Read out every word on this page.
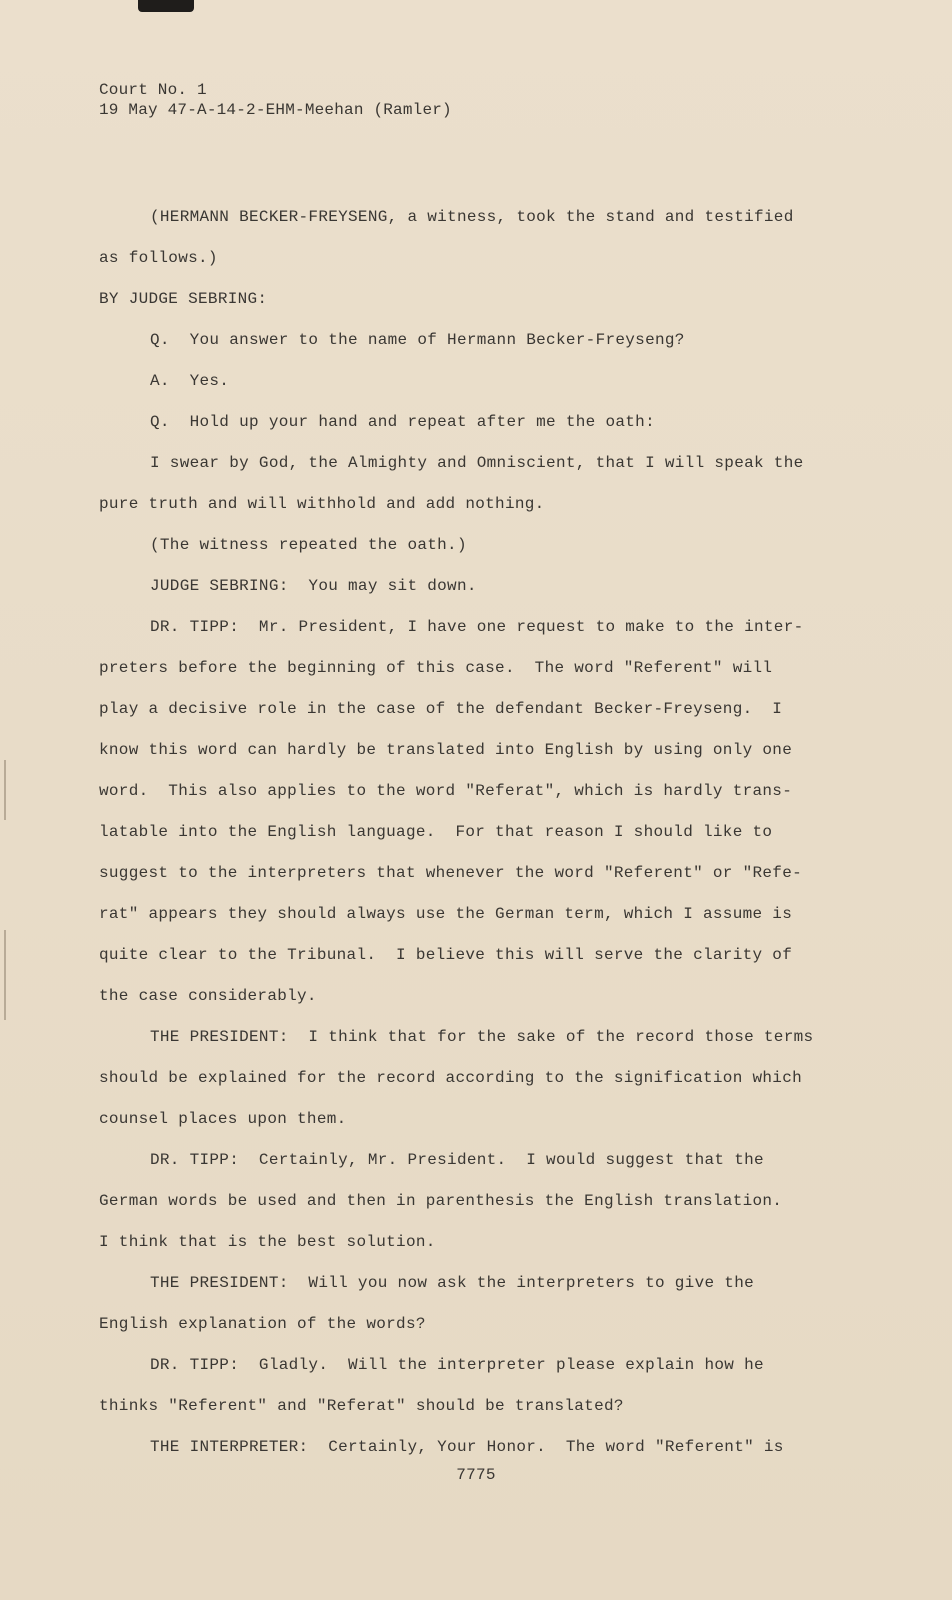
Court No. 1
19 May 47-A-14-2-EHM-Meehan (Ramler)
(HERMANN BECKER-FREYSENG, a witness, took the stand and testified
as follows.)
BY JUDGE SEBRING:
Q.  You answer to the name of Hermann Becker-Freyseng?
A.  Yes.
Q.  Hold up your hand and repeat after me the oath:
I swear by God, the Almighty and Omniscient, that I will speak the
pure truth and will withhold and add nothing.
(The witness repeated the oath.)
JUDGE SEBRING:  You may sit down.
DR. TIPP:  Mr. President, I have one request to make to the inter-
preters before the beginning of this case.  The word "Referent" will
play a decisive role in the case of the defendant Becker-Freyseng.  I
know this word can hardly be translated into English by using only one
word.  This also applies to the word "Referat", which is hardly trans-
latable into the English language.  For that reason I should like to
suggest to the interpreters that whenever the word "Referent" or "Refe-
rat" appears they should always use the German term, which I assume is
quite clear to the Tribunal.  I believe this will serve the clarity of
the case considerably.
THE PRESIDENT:  I think that for the sake of the record those terms
should be explained for the record according to the signification which
counsel places upon them.
DR. TIPP:  Certainly, Mr. President.  I would suggest that the
German words be used and then in parenthesis the English translation.
I think that is the best solution.
THE PRESIDENT:  Will you now ask the interpreters to give the
English explanation of the words?
DR. TIPP:  Gladly.  Will the interpreter please explain how he
thinks "Referent" and "Referat" should be translated?
THE INTERPRETER:  Certainly, Your Honor.  The word "Referent" is
7775
